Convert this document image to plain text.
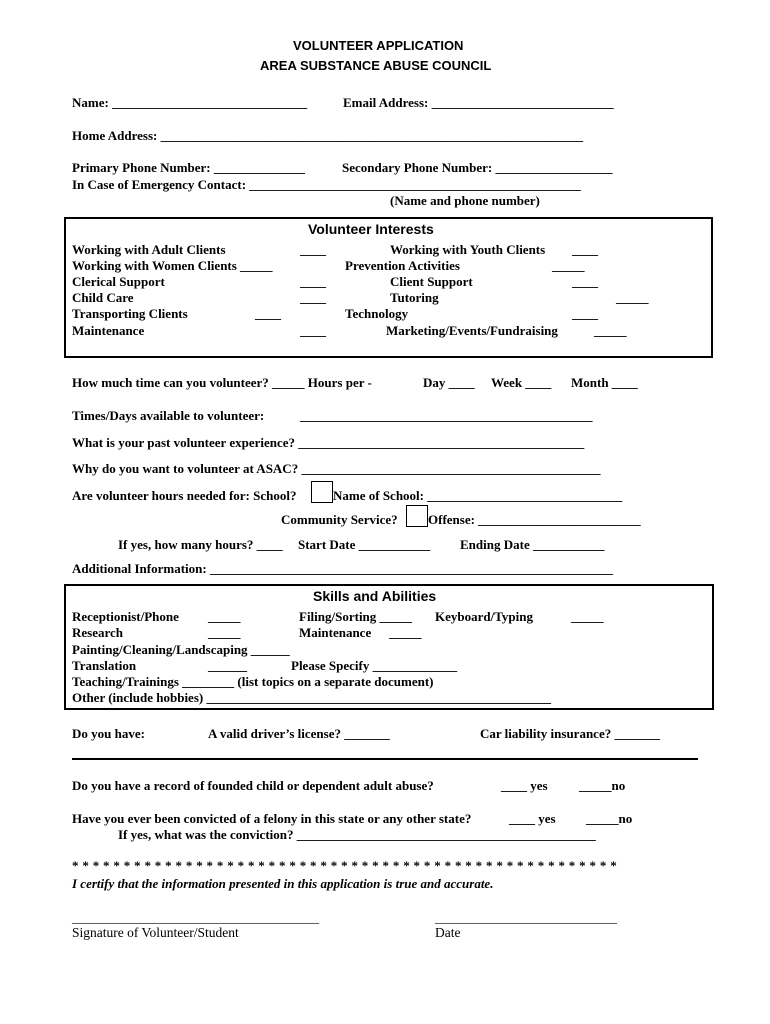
VOLUNTEER APPLICATION
AREA SUBSTANCE ABUSE COUNCIL
Name: ______________________________	Email Address: ____________________________
Home Address: _________________________________________________________________
Primary Phone Number: ______________	Secondary Phone Number: __________________
In Case of Emergency Contact: ___________________________________________________
(Name and phone number)
Volunteer Interests
Working with Adult Clients	____	Working with Youth Clients ____
Working with Women Clients _____	Prevention Activities	_____
Clerical Support	____	Client Support	____
Child Care	____	Tutoring	_____
Transporting Clients	____	Technology	____
Maintenance	____	Marketing/Events/Fundraising	_____
How much time can you volunteer? _____ Hours per -	Day ____ Week ____ Month ____
Times/Days available to volunteer:	_____________________________________________
What is your past volunteer experience? ____________________________________________
Why do you want to volunteer at ASAC? ______________________________________________
Are volunteer hours needed for: School?	Name of School: ______________________________
Community Service? Offense: _________________________
If yes, how many hours? ____ Start Date ___________ Ending Date ___________
Additional Information: ______________________________________________________________
Skills and Abilities
Receptionist/Phone _____	Filing/Sorting _____ Keyboard/Typing	_____
Research	_____	Maintenance _____
Painting/Cleaning/Landscaping ______
Translation	______	Please Specify _____________
Teaching/Trainings ________ (list topics on a separate document)
Other (include hobbies) _____________________________________________________
Do you have:	A valid driver’s license? _______	Car liability insurance? _______
Do you have a record of founded child or dependent adult abuse?	____ yes _____no
Have you ever been convicted of a felony in this state or any other state?	____ yes _____no
If yes, what was the conviction? ______________________________________________
* * * * * * * * * * * * * * * * * * * * * * * * * * * * * * * * * * * * * * * * * * * * * * * * * * * * *
I certify that the information presented in this application is true and accurate.
______________________________________
Signature of Volunteer/Student
____________________________
Date
